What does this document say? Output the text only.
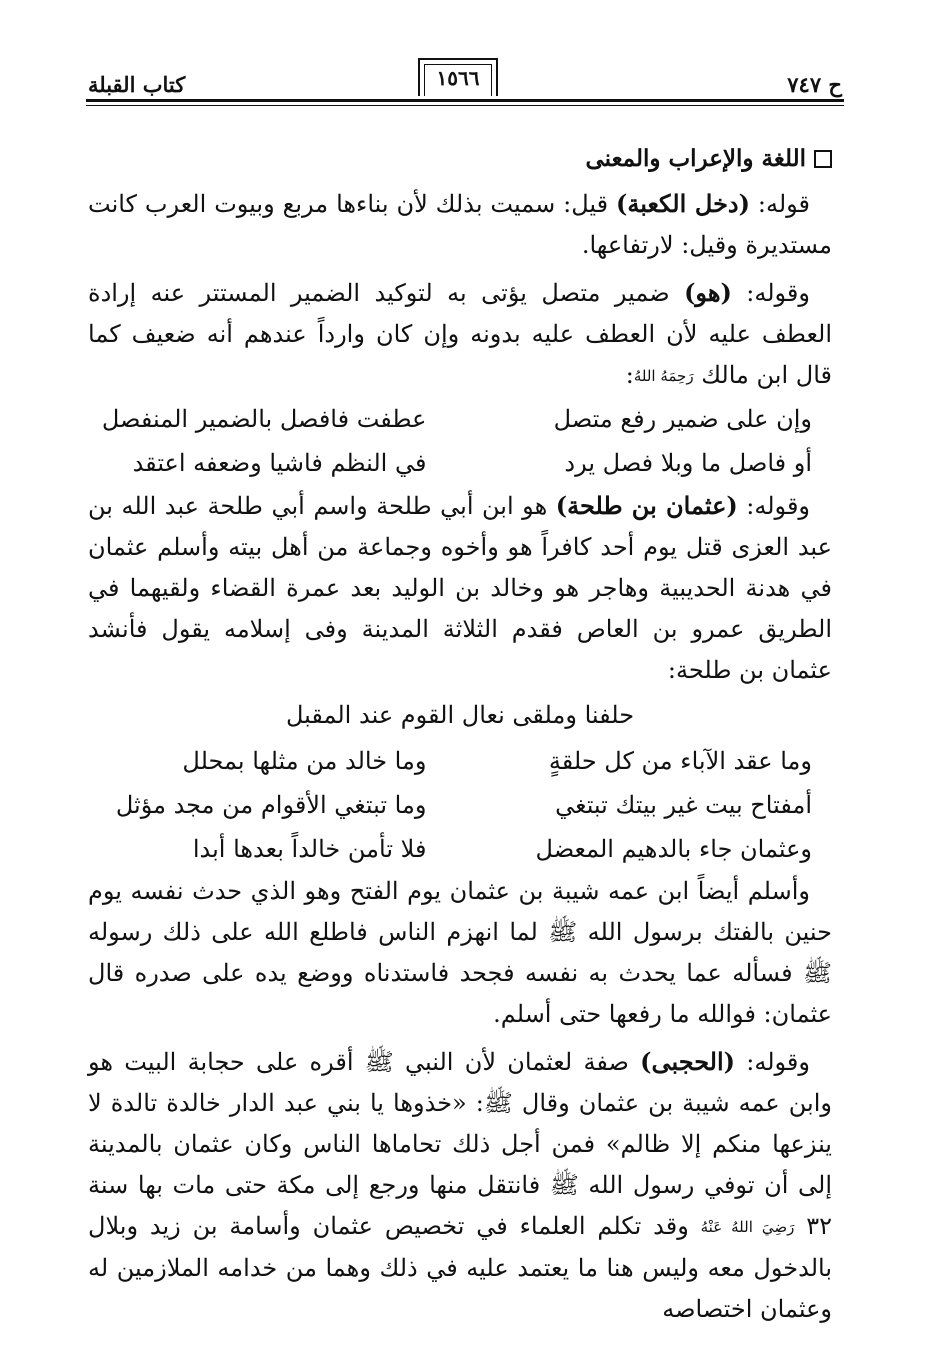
ح ٧٤٧
١٥٦٦
كتاب القبلة
اللغة والإعراب والمعنى

قوله: (دخل الكعبة) قيل: سميت بذلك لأن بناءها مربع وبيوت العرب كانت مستديرة وقيل: لارتفاعها.

وقوله: (هو) ضمير متصل يؤتى به لتوكيد الضمير المستتر عنه إرادة العطف عليه لأن العطف عليه بدونه وإن كان وارداً عندهم أنه ضعيف كما قال ابن مالك رَحِمَهُ اللهُ:

وإن على ضمير رفع متصل
عطفت فافصل بالضمير المنفصل
أو فاصل ما وبلا فصل يرد
في النظم فاشيا وضعفه اعتقد

وقوله: (عثمان بن طلحة) هو ابن أبي طلحة واسم أبي طلحة عبد الله بن عبد العزى قتل يوم أحد كافراً هو وأخوه وجماعة من أهل بيته وأسلم عثمان في هدنة الحديبية وهاجر هو وخالد بن الوليد بعد عمرة القضاء ولقيهما في الطريق عمرو بن العاص فقدم الثلاثة المدينة وفى إسلامه يقول فأنشد عثمان بن طلحة:

حلفنا وملقى نعال القوم عند المقبل
وما عقد الآباء من كل حلقةٍ
وما خالد من مثلها بمحلل
أمفتاح بيت غير بيتك تبتغي
وما تبتغي الأقوام من مجد مؤثل
وعثمان جاء بالدهيم المعضل
فلا تأمن خالداً بعدها أبدا

وأسلم أيضاً ابن عمه شيبة بن عثمان يوم الفتح وهو الذي حدث نفسه يوم حنين بالفتك برسول الله ﷺ لما انهزم الناس فاطلع الله على ذلك رسوله ﷺ فسأله عما يحدث به نفسه فجحد فاستدناه ووضع يده على صدره قال عثمان: فوالله ما رفعها حتى أسلم.

وقوله: (الحجبى) صفة لعثمان لأن النبي ﷺ أقره على حجابة البيت هو وابن عمه شيبة بن عثمان وقال ﷺ: «خذوها يا بني عبد الدار خالدة تالدة لا ينزعها منكم إلا ظالم» فمن أجل ذلك تحاماها الناس وكان عثمان بالمدينة إلى أن توفي رسول الله ﷺ فانتقل منها ورجع إلى مكة حتى مات بها سنة ٣٢ رَضِيَ اللهُ عَنْهُ وقد تكلم العلماء في تخصيص عثمان وأسامة بن زيد وبلال بالدخول معه وليس هنا ما يعتمد عليه في ذلك وهما من خدامه الملازمين له وعثمان اختصاصه
